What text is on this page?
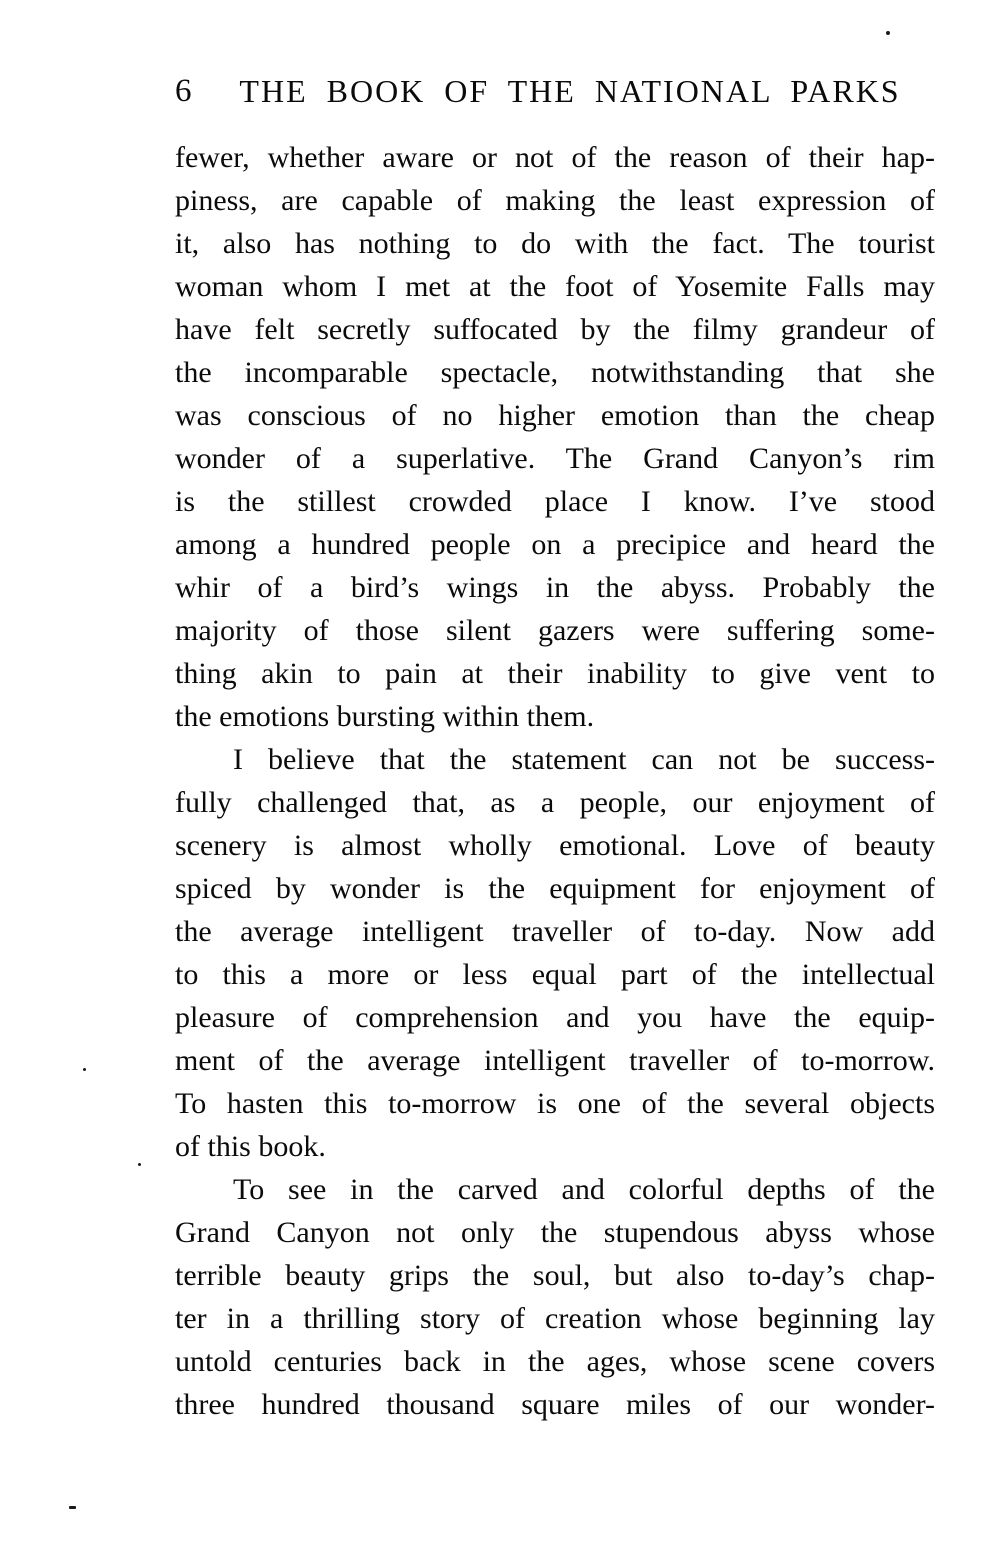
6	THE BOOK OF THE NATIONAL PARKS
fewer, whether aware or not of the reason of their hap-
piness, are capable of making the least expression of
it, also has nothing to do with the fact. The tourist
woman whom I met at the foot of Yosemite Falls may
have felt secretly suffocated by the filmy grandeur of
the incomparable spectacle, notwithstanding that she
was conscious of no higher emotion than the cheap
wonder of a superlative. The Grand Canyon’s rim
is the stillest crowded place I know. I’ve stood
among a hundred people on a precipice and heard the
whir of a bird’s wings in the abyss. Probably the
majority of those silent gazers were suffering some-
thing akin to pain at their inability to give vent to
the emotions bursting within them.
I believe that the statement can not be success-
fully challenged that, as a people, our enjoyment of
scenery is almost wholly emotional. Love of beauty
spiced by wonder is the equipment for enjoyment of
the average intelligent traveller of to-day. Now add
to this a more or less equal part of the intellectual
pleasure of comprehension and you have the equip-
ment of the average intelligent traveller of to-morrow.
To hasten this to-morrow is one of the several objects
of this book.
To see in the carved and colorful depths of the
Grand Canyon not only the stupendous abyss whose
terrible beauty grips the soul, but also to-day’s chap-
ter in a thrilling story of creation whose beginning lay
untold centuries back in the ages, whose scene covers
three hundred thousand square miles of our wonder-
